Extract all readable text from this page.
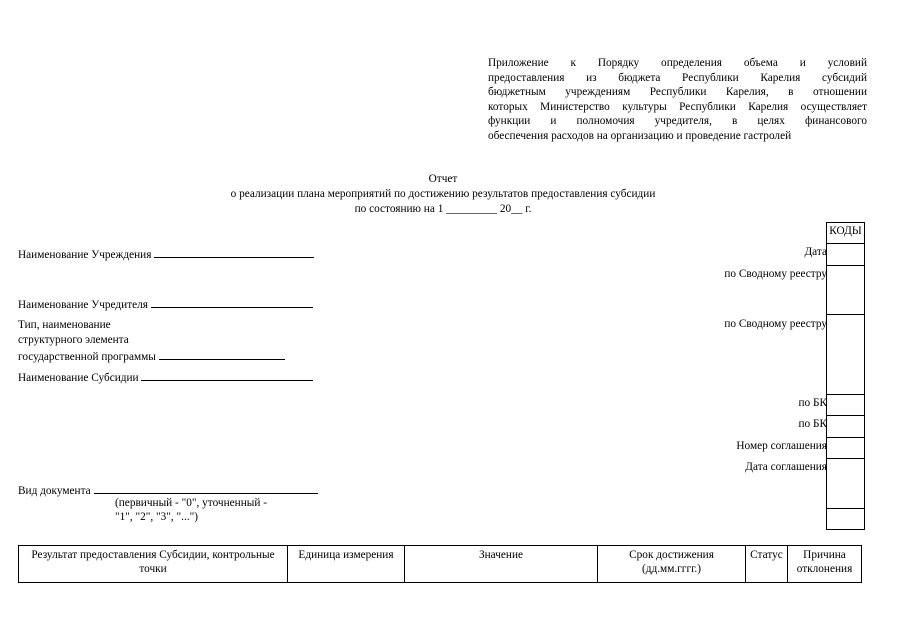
Приложение к Порядку определения объема и условий
предоставления из бюджета Республики Карелия субсидий
бюджетным учреждениям Республики Карелия, в отношении
которых Министерство культуры Республики Карелия осуществляет
функции и полномочия учредителя, в целях финансового
обеспечения расходов на организацию и проведение гастролей
Отчет
о реализации плана мероприятий по достижению результатов предоставления субсидии
по состоянию на 1 _________ 20__ г.
Наименование Учреждения
Наименование Учредителя
Тип, наименование
структурного элемента
государственной программы
Наименование Субсидии
Вид документа
(первичный - "0", уточненный -
"1", "2", "3", "...")
Дата
по Сводному реестру
по Сводному реестру
по БК
по БК
Номер соглашения
Дата соглашения
КОДЫ
Результат предоставления Субсидии, контрольные точки	Единица измерения	Значение	Срок достижения (дд.мм.гггг.)	Статус	Причина отклонения
